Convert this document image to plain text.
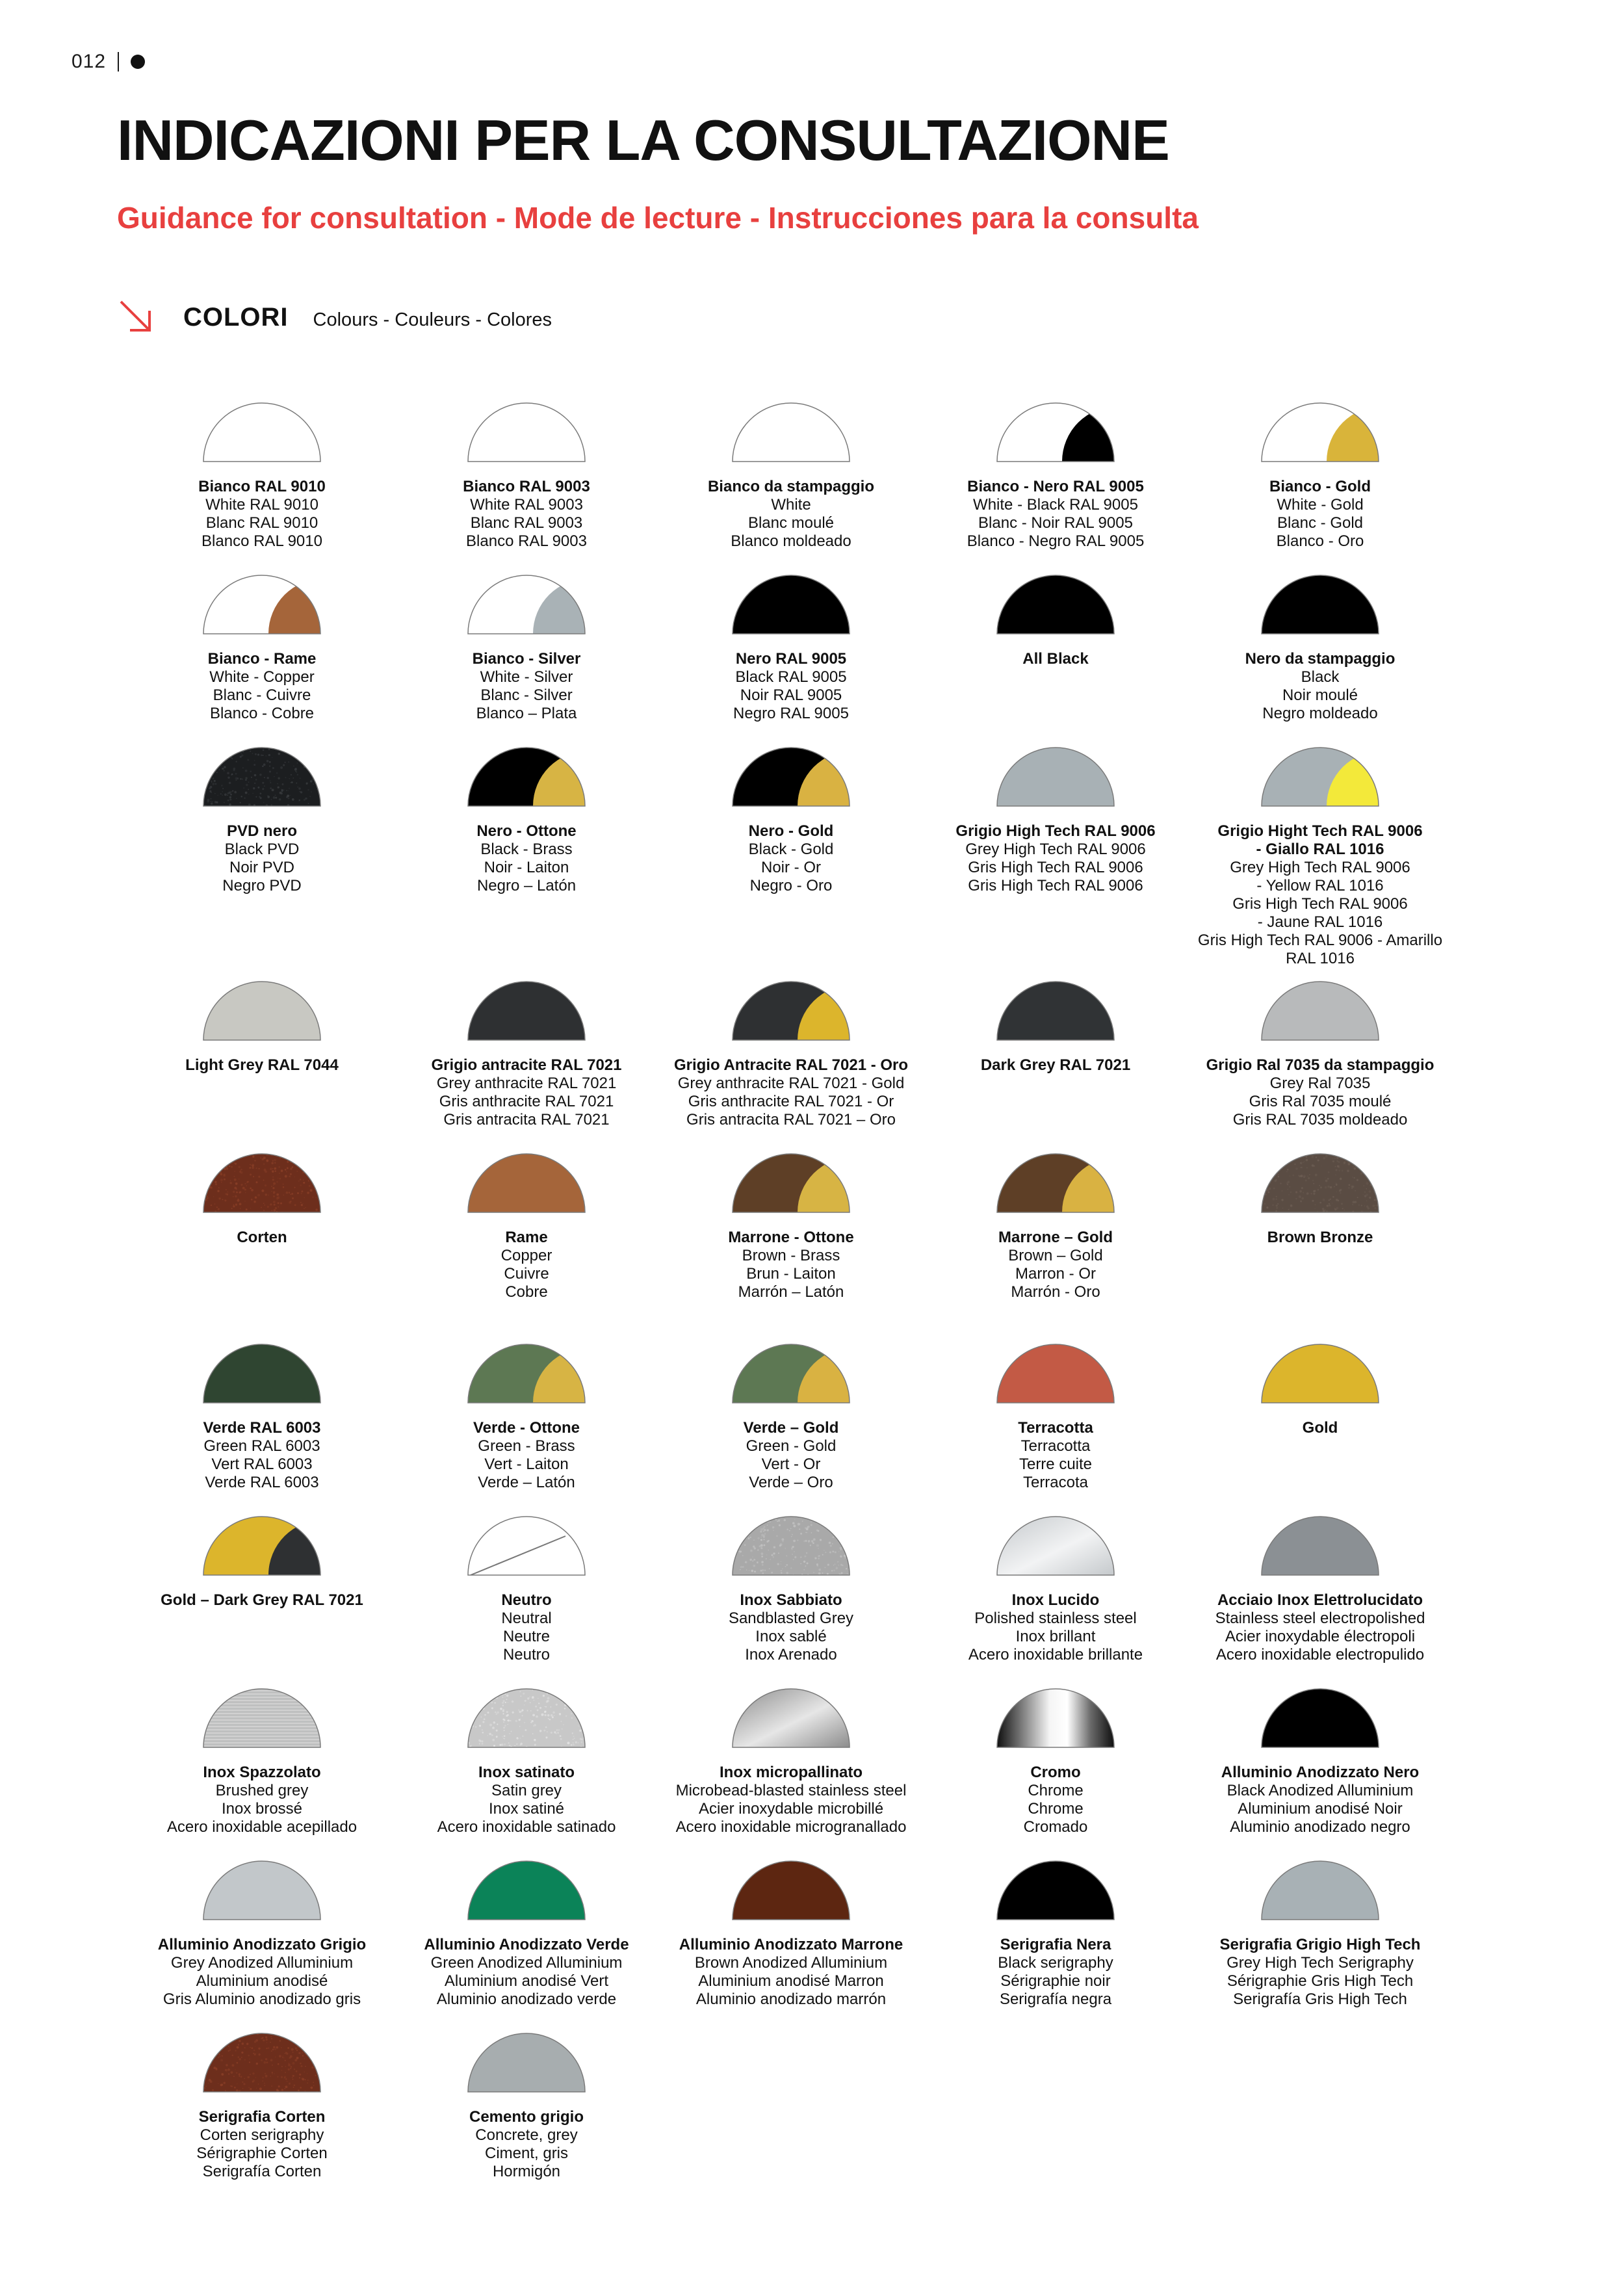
012
INDICAZIONI PER LA CONSULTAZIONE
Guidance for consultation - Mode de lecture - Instrucciones para la consulta
COLORI Colours - Couleurs - Colores
Bianco RAL 9010
White RAL 9010
Blanc RAL 9010
Blanco RAL 9010
Bianco RAL 9003
White RAL 9003
Blanc RAL 9003
Blanco RAL 9003
Bianco da stampaggio
White
Blanc moulé
Blanco moldeado
Bianco - Nero RAL 9005
White - Black RAL 9005
Blanc - Noir RAL 9005
Blanco - Negro RAL 9005
Bianco - Gold
White - Gold
Blanc - Gold
Blanco - Oro
Bianco - Rame
White - Copper
Blanc - Cuivre
Blanco - Cobre
Bianco - Silver
White - Silver
Blanc - Silver
Blanco – Plata
Nero RAL 9005
Black RAL 9005
Noir RAL 9005
Negro RAL 9005
All Black	Nero da stampaggio
Black
Noir moulé
Negro moldeado
PVD nero
Black PVD
Noir PVD
Negro PVD
Nero - Ottone
Black - Brass
Noir - Laiton
Negro – Latón
Nero - Gold
Black - Gold
Noir - Or
Negro - Oro
Grigio High Tech RAL 9006
Grey High Tech RAL 9006
Gris High Tech RAL 9006
Gris High Tech RAL 9006
Grigio Hight Tech RAL 9006
- Giallo RAL 1016
Grey High Tech RAL 9006
- Yellow RAL 1016
Gris High Tech RAL 9006
- Jaune RAL 1016
Gris High Tech RAL 9006 - Amarillo
RAL 1016
Light Grey RAL 7044	Grigio antracite RAL 7021
Grey anthracite RAL 7021
Gris anthracite RAL 7021
Gris antracita RAL 7021
Grigio Antracite RAL 7021 - Oro
Grey anthracite RAL 7021 - Gold
Gris anthracite RAL 7021 - Or
Gris antracita RAL 7021 – Oro
Dark Grey RAL 7021	Grigio Ral 7035 da stampaggio
Grey Ral 7035
Gris Ral 7035 moulé
Gris RAL 7035 moldeado
Corten	Rame
Copper
Cuivre
Cobre
Marrone - Ottone
Brown - Brass
Brun - Laiton
Marrón – Latón
Marrone – Gold
Brown – Gold
Marron - Or
Marrón - Oro
Brown Bronze
Verde RAL 6003
Green RAL 6003
Vert RAL 6003
Verde RAL 6003
Verde - Ottone
Green - Brass
Vert - Laiton
Verde – Latón
Verde – Gold
Green - Gold
Vert - Or
Verde – Oro
Terracotta
Terracotta
Terre cuite
Terracota
Gold
Gold – Dark Grey RAL 7021	Neutro
Neutral
Neutre
Neutro
Inox Sabbiato
Sandblasted Grey
Inox sablé
Inox Arenado
Inox Lucido
Polished stainless steel
Inox brillant
Acero inoxidable brillante
Acciaio Inox Elettrolucidato
Stainless steel electropolished
Acier inoxydable électropoli
Acero inoxidable electropulido
Inox Spazzolato
Brushed grey
Inox brossé
Acero inoxidable acepillado
Inox satinato
Satin grey
Inox satiné
Acero inoxidable satinado
Inox micropallinato
Microbead-blasted stainless steel
Acier inoxydable microbillé
Acero inoxidable microgranallado
Cromo
Chrome
Chrome
Cromado
Alluminio Anodizzato Nero
Black Anodized Alluminium
Aluminium anodisé Noir
Aluminio anodizado negro
Alluminio Anodizzato Grigio
Grey Anodized Alluminium
Aluminium anodisé
Gris Aluminio anodizado gris
Alluminio Anodizzato Verde
Green Anodized Alluminium
Aluminium anodisé Vert
Aluminio anodizado verde
Alluminio Anodizzato Marrone
Brown Anodized Alluminium
Aluminium anodisé Marron
Aluminio anodizado marrón
Serigrafia Nera
Black serigraphy
Sérigraphie noir
Serigrafía negra
Serigrafia Grigio High Tech
Grey High Tech Serigraphy
Sérigraphie Gris High Tech
Serigrafía Gris High Tech
Serigrafia Corten
Corten serigraphy
Sérigraphie Corten
Serigrafía Corten
Cemento grigio
Concrete, grey
Ciment, gris
Hormigón
